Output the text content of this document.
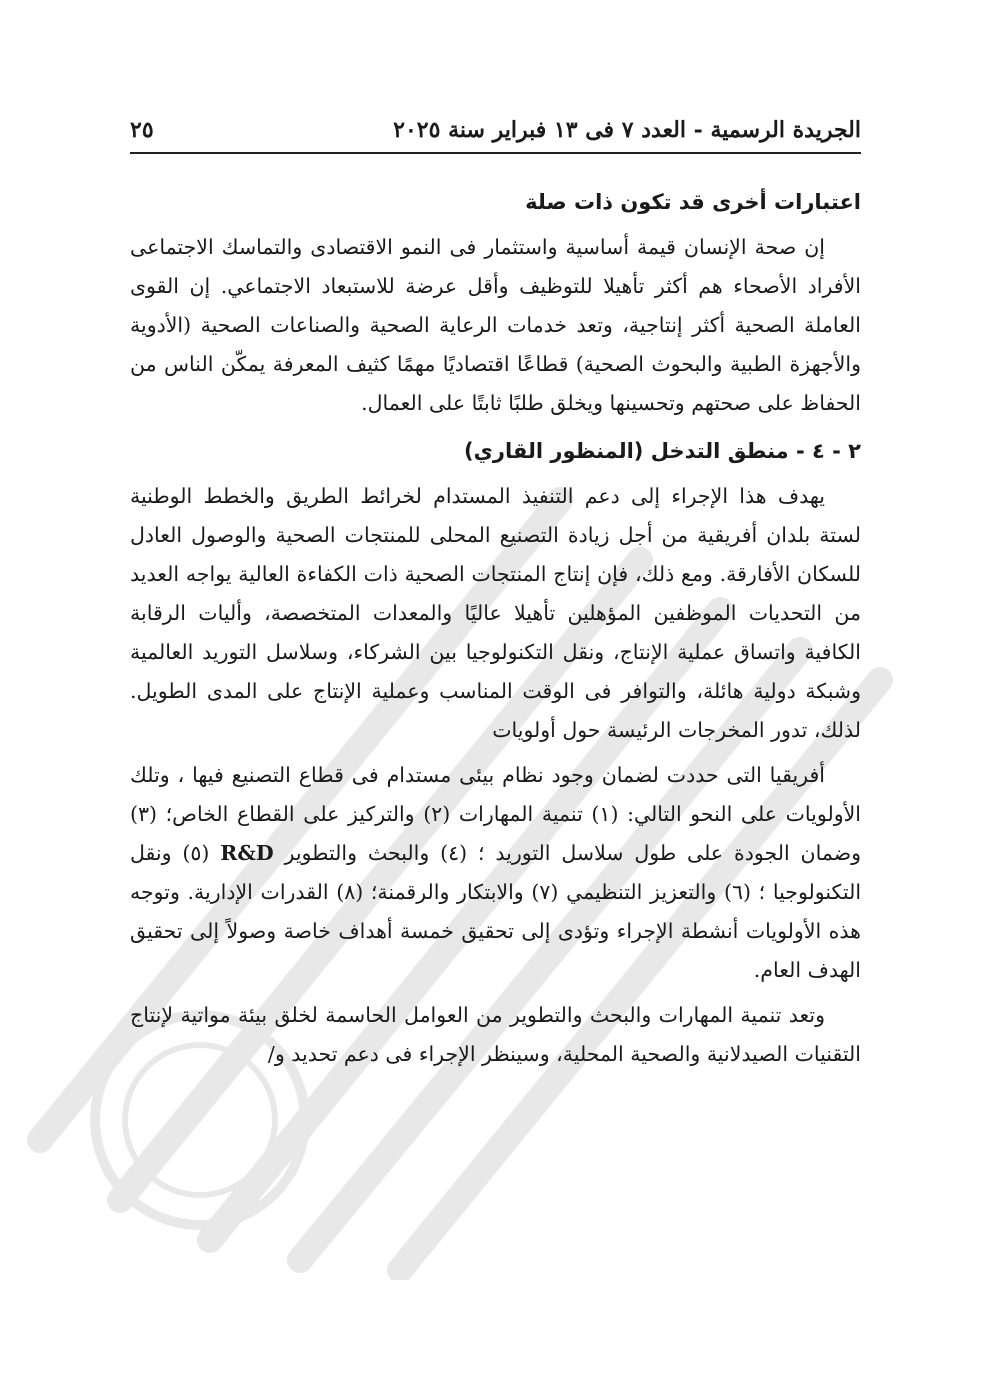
الجريدة الرسمية - العدد ٧ فى ١٣ فبراير سنة ٢٠٢٥
٢٥
اعتبارات أخرى قد تكون ذات صلة

إن صحة الإنسان قيمة أساسية واستثمار فى النمو الاقتصادى والتماسك الاجتماعى الأفراد الأصحاء هم أكثر تأهيلا للتوظيف وأقل عرضة للاستبعاد الاجتماعي. إن القوى العاملة الصحية أكثر إنتاجية، وتعد خدمات الرعاية الصحية والصناعات الصحية (الأدوية والأجهزة الطبية والبحوث الصحية) قطاعًا اقتصاديًا مهمًا كثيف المعرفة يمكّن الناس من الحفاظ على صحتهم وتحسينها ويخلق طلبًا ثابتًا على العمال.

٢ - ٤ - منطق التدخل (المنظور القاري)

يهدف هذا الإجراء إلى دعم التنفيذ المستدام لخرائط الطريق والخطط الوطنية لستة بلدان أفريقية من أجل زيادة التصنيع المحلى للمنتجات الصحية والوصول العادل للسكان الأفارقة. ومع ذلك، فإن إنتاج المنتجات الصحية ذات الكفاءة العالية يواجه العديد من التحديات الموظفين المؤهلين تأهيلا عاليًا والمعدات المتخصصة، وأليات الرقابة الكافية واتساق عملية الإنتاج، ونقل التكنولوجيا بين الشركاء، وسلاسل التوريد العالمية وشبكة دولية هائلة، والتوافر فى الوقت المناسب وعملية الإنتاج على المدى الطويل. لذلك، تدور المخرجات الرئيسة حول أولويات

أفريقيا التى حددت لضمان وجود نظام بيئى مستدام فى قطاع التصنيع فيها ، وتلك الأولويات على النحو التالي: (١) تنمية المهارات (٢) والتركيز على القطاع الخاص؛ (٣) وضمان الجودة على طول سلاسل التوريد ؛ (٤) والبحث والتطوير R&D (٥) ونقل التكنولوجيا ؛ (٦) والتعزيز التنظيمي (٧) والابتكار والرقمنة؛ (٨) القدرات الإدارية. وتوجه هذه الأولويات أنشطة الإجراء وتؤدى إلى تحقيق خمسة أهداف خاصة وصولاً إلى تحقيق الهدف العام.

وتعد تنمية المهارات والبحث والتطوير من العوامل الحاسمة لخلق بيئة مواتية لإنتاج التقنيات الصيدلانية والصحية المحلية، وسينظر الإجراء فى دعم تحديد و/
